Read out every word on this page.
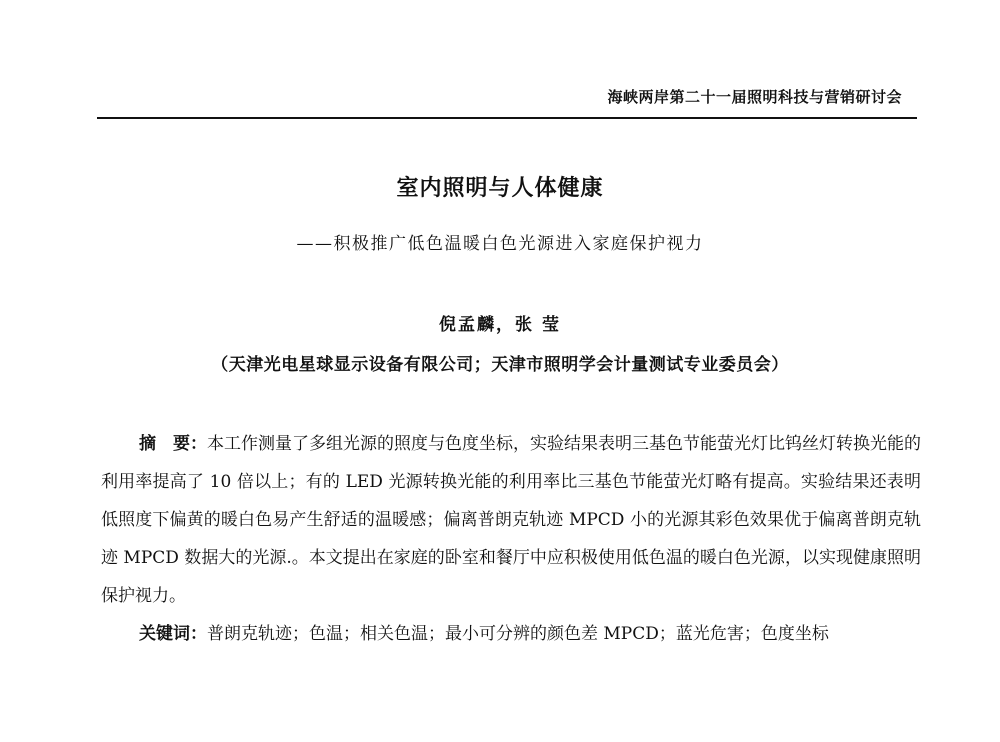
海峡两岸第二十一届照明科技与营销研讨会
室内照明与人体健康
——积极推广低色温暖白色光源进入家庭保护视力
倪孟麟，张 莹
（天津光电星球显示设备有限公司；天津市照明学会计量测试专业委员会）

摘　要：本工作测量了多组光源的照度与色度坐标，实验结果表明三基色节能萤光灯比钨丝灯转换光能的利用率提高了 10 倍以上；有的 LED 光源转换光能的利用率比三基色节能萤光灯略有提高。实验结果还表明低照度下偏黄的暖白色易产生舒适的温暖感；偏离普朗克轨迹 MPCD 小的光源其彩色效果优于偏离普朗克轨迹 MPCD 数据大的光源.。本文提出在家庭的卧室和餐厅中应积极使用低色温的暖白色光源，以实现健康照明保护视力。

关键词：普朗克轨迹；色温；相关色温；最小可分辨的颜色差 MPCD；蓝光危害；色度坐标
